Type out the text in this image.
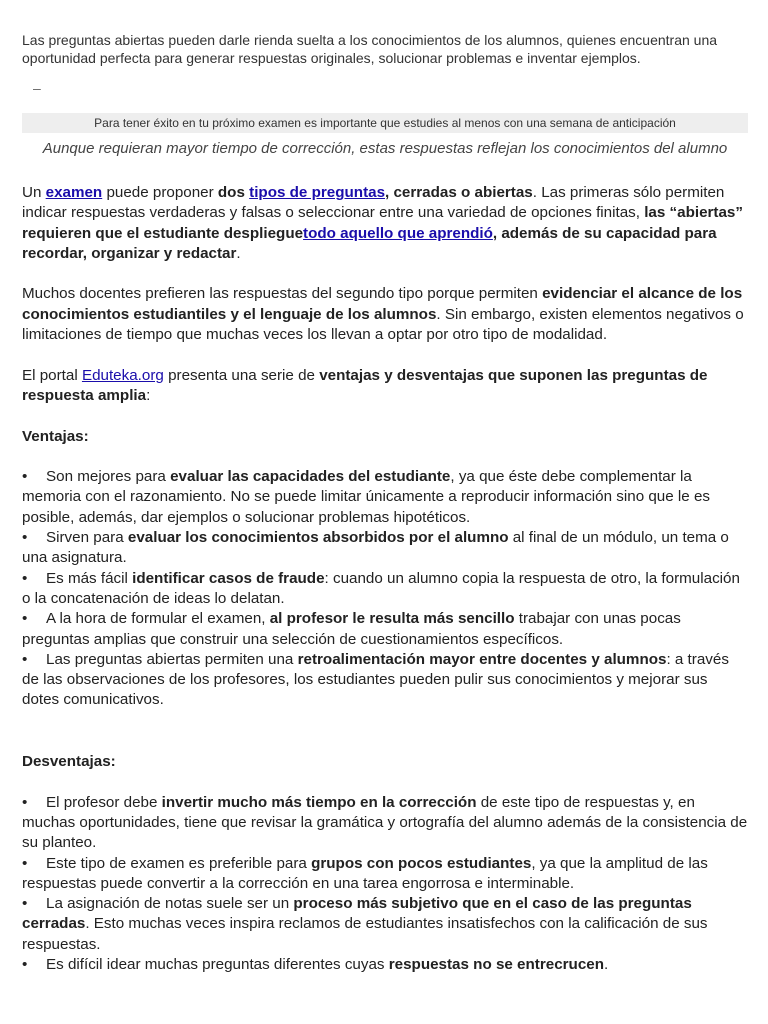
Las preguntas abiertas pueden darle rienda suelta a los conocimientos de los alumnos, quienes encuentran una oportunidad perfecta para generar respuestas originales, solucionar problemas e inventar ejemplos.
–
Para tener éxito en tu próximo examen es importante que estudies al menos con una semana de anticipación
Aunque requieran mayor tiempo de corrección, estas respuestas reflejan los conocimientos del alumno

Un examen puede proponer dos tipos de preguntas, cerradas o abiertas. Las primeras sólo permiten indicar respuestas verdaderas y falsas o seleccionar entre una variedad de opciones finitas, las “abiertas” requieren que el estudiante desplieguetodo aquello que aprendió, además de su capacidad para recordar, organizar y redactar.

Muchos docentes prefieren las respuestas del segundo tipo porque permiten evidenciar el alcance de los conocimientos estudiantiles y el lenguaje de los alumnos. Sin embargo, existen elementos negativos o limitaciones de tiempo que muchas veces los llevan a optar por otro tipo de modalidad.

El portal Eduteka.org presenta una serie de ventajas y desventajas que suponen las preguntas de respuesta amplia:

Ventajas:

• Son mejores para evaluar las capacidades del estudiante, ya que éste debe complementar la memoria con el razonamiento. No se puede limitar únicamente a reproducir información sino que le es posible, además, dar ejemplos o solucionar problemas hipotéticos.

• Sirven para evaluar los conocimientos absorbidos por el alumno al final de un módulo, un tema o una asignatura.

• Es más fácil identificar casos de fraude: cuando un alumno copia la respuesta de otro, la formulación o la concatenación de ideas lo delatan.

• A la hora de formular el examen, al profesor le resulta más sencillo trabajar con unas pocas preguntas amplias que construir una selección de cuestionamientos específicos.

• Las preguntas abiertas permiten una retroalimentación mayor entre docentes y alumnos: a través de las observaciones de los profesores, los estudiantes pueden pulir sus conocimientos y mejorar sus dotes comunicativos.

Desventajas:

• El profesor debe invertir mucho más tiempo en la corrección de este tipo de respuestas y, en muchas oportunidades, tiene que revisar la gramática y ortografía del alumno además de la consistencia de su planteo.

• Este tipo de examen es preferible para grupos con pocos estudiantes, ya que la amplitud de las respuestas puede convertir a la corrección en una tarea engorrosa e interminable.

• La asignación de notas suele ser un proceso más subjetivo que en el caso de las preguntas cerradas. Esto muchas veces inspira reclamos de estudiantes insatisfechos con la calificación de sus respuestas.

• Es difícil idear muchas preguntas diferentes cuyas respuestas no se entrecrucen.
